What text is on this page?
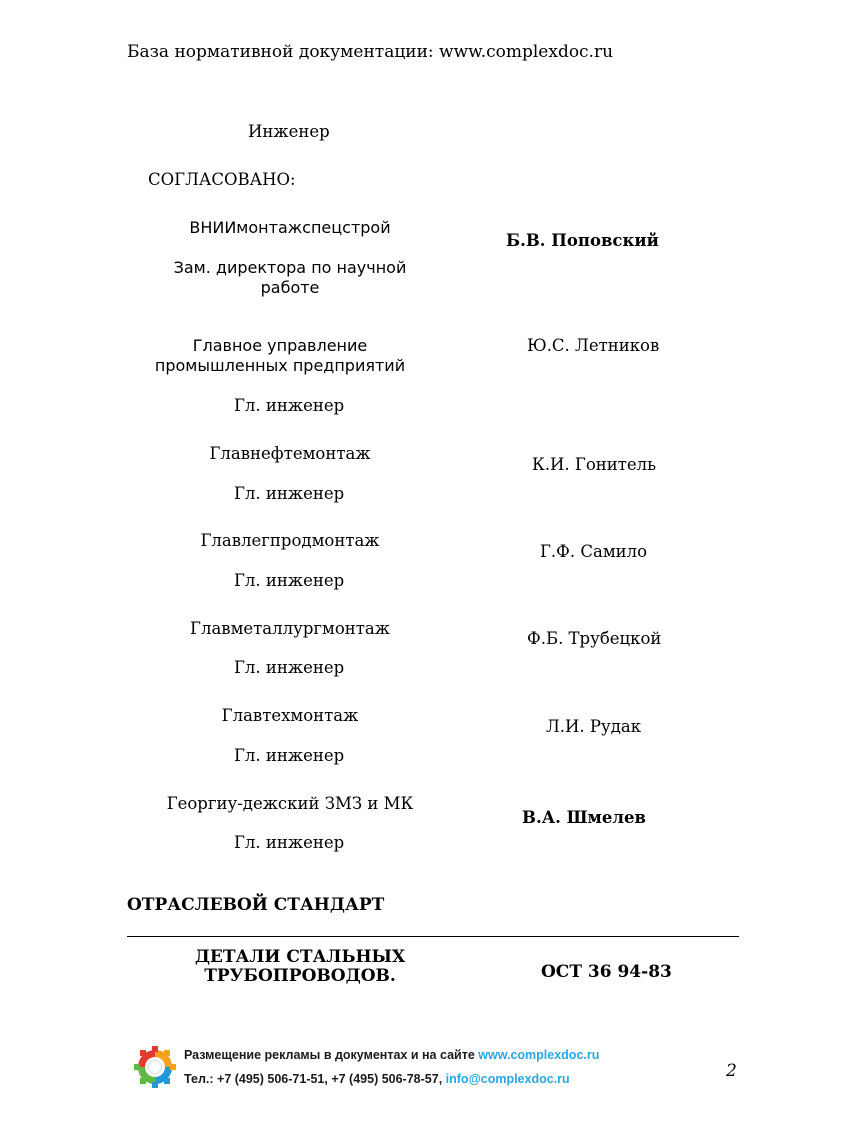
База нормативной документации: www.complexdoc.ru
Инженер
СОГЛАСОВАНО:
ВНИИмонтажспецстрой
Зам. директора по научной работе
Б.В. Поповский
Главное управление промышленных предприятий
Гл. инженер
Ю.С. Летников
Главнефтемонтаж
Гл. инженер
К.И. Гонитель
Главлегпродмонтаж
Гл. инженер
Г.Ф. Самило
Главметаллургмонтаж
Гл. инженер
Ф.Б. Трубецкой
Главтехмонтаж
Гл. инженер
Л.И. Рудак
Георгиу-дежский ЗМЗ и МК
Гл. инженер
В.А. Шмелев
ОТРАСЛЕВОЙ СТАНДАРТ
ДЕТАЛИ СТАЛЬНЫХ ТРУБОПРОВОДОВ.	ОСТ 36 94-83
Размещение рекламы в документах и на сайте www.complexdoc.ru
Тел.: +7 (495) 506-71-51, +7 (495) 506-78-57, info@complexdoc.ru	2
